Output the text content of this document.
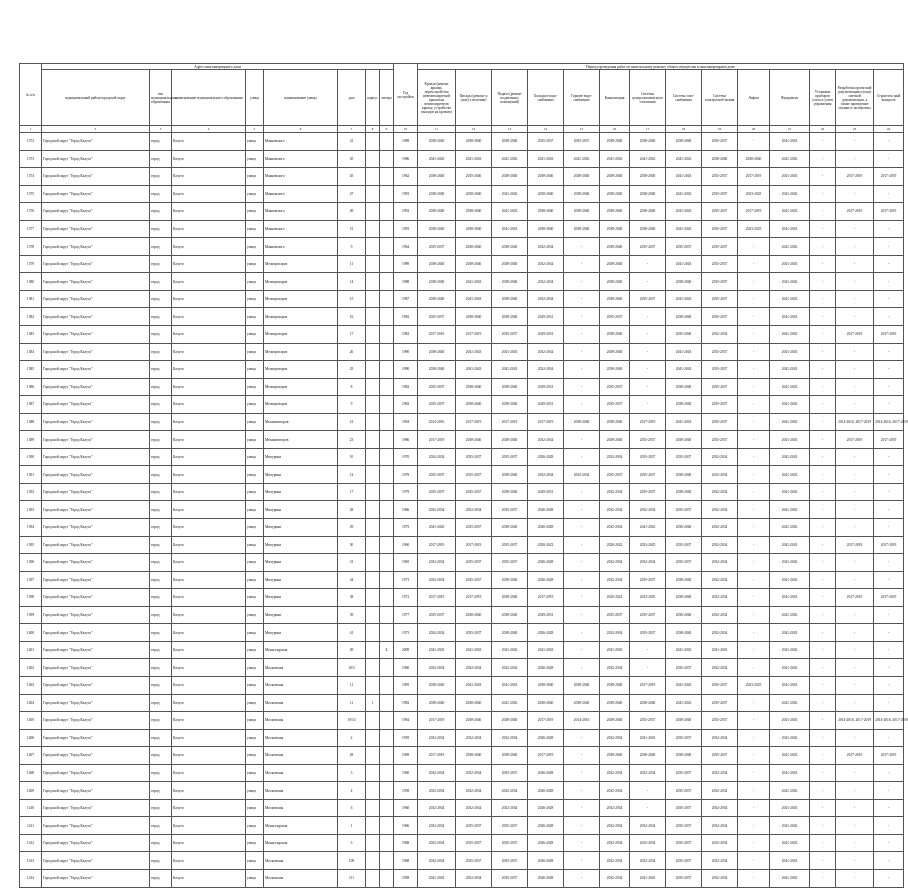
№ п/п	Адрес многоквартирного дома								Год постройки	Период проведения работ по капитальному ремонту общего имущества в многоквартирном доме													
	муниципальный район/городской округ	тип муниципального образования	наименование муниципального образования	улица	наименование улицы	дом	корпус	литера		Кровля (ремонт крыши, переустройство невентилируемой крыши на вентилируемую крышу, устройство выходов на кровлю)	Фасады (ремонт и (или) утепление)	Подвал (ремонт подвальных помещений)	Холодное водо-снабжение	Горячее водо-снабжение	Канализация	Система централизован-ного отопления	Система газо-снабжения	Система электроснаб-жения	Лифты	Фундамент	Установка приборов учета и узлов управления	Разработка проектной документации и (или) сметной документации, а также проведение оценки и экспертизы	Строитель-ный контроль
1	2	3	4	5	6	7	8	9	10	11	12	13	14	15	16	17	18	19	20	21	22	23	24
1372	Городской округ "Город Калуга"	город	Калуга	улица	Маяковского	41			1989	2038-2040	2038-2040	2038-2040	2035-2037	2035-2037	2038-2040	2038-2040	2038-2040	2035-2037	-	2041-2043	-	-	-
1373	Городской округ "Город Калуга"	город	Калуга	улица	Маяковского	45			1986	2041-2043	2041-2043	2041-2043	2041-2043	2041-2043	2041-2043	2041-2043	2041-2043	2038-2040	2038-2040	2041-2043	-	-	-
1374	Городской округ "Город Калуга"	город	Калуга	улица	Маяковского	45			1962	2038-2040	2035-2040	2038-2040	2038-2040	2038-2040	2038-2040	2038-2040	2041-2043	2035-2037	2017-2019	2041-2043	-	2017-2019	2017-2019
1375	Городской округ "Город Калуга"	город	Калуга	улица	Маяковского	47			1993	2038-2040	2038-2040	2041-2043	2038-2040	2038-2040	2038-2040	2038-2040	2041-2043	2035-2037	2023-2025	2041-2043	-	-	-
1376	Городской округ "Город Калуга"	город	Калуга	улица	Маяковского	49			1992	2038-2040	2038-2040	2041-2043	2038-2040	2038-2040	2038-2040	2038-2040	2041-2043	2035-2037	2017-2019	2041-2043	-	2017-2019	2017-2019
1377	Городской округ "Город Калуга"	город	Калуга	улица	Маяковского	51			1993	2038-2040	2038-2040	2041-2043	2038-2040	2038-2040	2038-2040	2038-2040	2041-2043	2035-2037	2023-2025	2041-2043	-	-	-
1378	Городской округ "Город Калуга"	город	Калуга	улица	Маяковского	9			1964	2035-2037	2038-2040	2038-2040	2032-2034	-	2038-2040	2035-2037	2035-2037	2035-2037	-	2041-2043	-	-	-
1379	Городской округ "Город Калуга"	город	Калуга	улица	Мелиораторов	11			1989	2038-2040	2038-2040	2038-2040	2032-2034	-	2038-2040	-	2041-2043	2035-2037	-	2041-2043	-	-	-
1380	Городской округ "Город Калуга"	город	Калуга	улица	Мелиораторов	14			1988	2038-2040	2041-2043	2038-2040	2032-2034	-	2038-2040	-	2038-2040	2035-2037	-	2041-2043	-	-	-
1381	Городской округ "Город Калуга"	город	Калуга	улица	Мелиораторов	15			1987	2038-2040	2041-2043	2038-2040	2032-2034	-	2038-2040	2035-2037	2041-2043	2035-2037	-	2041-2043	-	-	-
1382	Городской округ "Город Калуга"	город	Калуга	улица	Мелиораторов	16			1982	2035-2037	2038-2040	2038-2040	2029-2031	-	2035-2037	-	2038-2040	2035-2037	-	2041-2043	-	-	-
1383	Городской округ "Город Калуга"	город	Калуга	улица	Мелиораторов	17			1982	2017-2019	2017-2019	2035-2037	2029-2031	-	2038-2040	-	2035-2040	2032-2034	-	2041-2043	-	2017-2019	2017-2019
1384	Городской округ "Город Калуга"	город	Калуга	улица	Мелиораторов	20			1990	2038-2040	2041-2043	2041-2043	2032-2034	-	2038-2040	-	2041-2043	2035-2037	-	2041-2043	-	-	-
1385	Городской округ "Город Калуга"	город	Калуга	улица	Мелиораторов	25			1990	2038-2040	2041-2043	2041-2043	2032-2034	-	2038-2040	-	2041-2043	2035-2037	-	2041-2043	-	-	-
1386	Городской округ "Город Калуга"	город	Калуга	улица	Мелиораторов	8			1982	2035-2037	2038-2040	2038-2040	2029-2031	-	2035-2037	-	2038-2040	2035-2037	-	2041-2043	-	-	-
1387	Городской округ "Город Калуга"	город	Калуга	улица	Мелиораторов	9			1982	2035-2037	2038-2040	2038-2040	2029-2031	-	2035-2037	-	2038-2040	2035-2037	-	2041-2043	-	-	-
1388	Городской округ "Город Калуга"	город	Калуга	улица	Механизаторов	21			1994	2014-2016	2017-2019	2017-2019	2017-2019	2038-2040	2038-2040	2017-2019	2041-2043	2035-2037	-	2041-2043	-	2014-2016, 2017-2019	2014-2016, 2017-2019
1389	Городской округ "Город Калуга"	город	Калуга	улица	Механизаторов	23			1986	2017-2019	2038-2040	2038-2040	2032-2034	-	2038-2040	2035-2037	2038-2040	2035-2037	-	2041-2043	-	2017-2019	2017-2019
1390	Городской округ "Город Калуга"	город	Калуга	улица	Мичурина	10			1970	2032-2034	2035-2037	2035-2037	2026-2028	-	2032-2034	2035-2037	2035-2037	2032-2034	-	2041-2043	-	-	-
1391	Городской округ "Город Калуга"	город	Калуга	улица	Мичурина	12			1978	2035-2037	2035-2037	2038-2040	2032-2034	2032-2034	2035-2037	2035-2037	2038-2040	2032-2034	-	2041-2043	-	-	-
1392	Городской округ "Город Калуга"	город	Калуга	улица	Мичурина	17			1979	2035-2037	2035-2037	2038-2040	2029-2031	-	2032-2034	2035-2037	2038-2040	2032-2034	-	2041-2043	-	-	-
1393	Городской округ "Город Калуга"	город	Калуга	улица	Мичурина	28			1966	2032-2034	2032-2034	2035-2037	2026-2028	-	2032-2034	2032-2034	2035-2037	2032-2034	-	2041-2043	-	-	-
1394	Городской округ "Город Калуга"	город	Калуга	улица	Мичурина	29			1975	2041-2043	2035-2037	2038-2040	2026-2028	-	2032-2034	2041-2043	2038-2040	2032-2034	-	2041-2043	-	-	-
1395	Городской округ "Город Калуга"	город	Калуга	улица	Мичурина	30			1960	2017-2019	2017-2019	2035-2037	2020-2022	-	2020-2022	2023-2025	2035-2037	2032-2034	-	2041-2043	-	2017-2019	2017-2019
1396	Городской округ "Город Калуга"	город	Калуга	улица	Мичурина	31			1965	2032-2034	2035-2037	2035-2037	2026-2028	-	2032-2034	2032-2034	2035-2037	2032-2034	-	2041-2043	-	-	-
1397	Городской округ "Город Калуга"	город	Калуга	улица	Мичурина	34			1973	2032-2034	2035-2037	2038-2040	2026-2028	-	2032-2034	2035-2037	2038-2040	2032-2034	-	2041-2043	-	-	-
1398	Городской округ "Город Калуга"	город	Калуга	улица	Мичурина	38			1972	2017-2019	2017-2019	2038-2040	2017-2019	-	2020-2022	2023-2025	2038-2040	2032-2034	-	2041-2043	-	2017-2019	2017-2019
1399	Городской округ "Город Калуга"	город	Калуга	улица	Мичурина	39			1977	2035-2037	2038-2040	2038-2040	2029-2031	-	2035-2037	2035-2037	2038-2040	2032-2034	-	2041-2043	-	-	-
1400	Городской округ "Город Калуга"	город	Калуга	улица	Мичурина	41			1973	2032-2034	2035-2037	2038-2040	2026-2028	-	2032-2034	2035-2037	2038-2040	2032-2034	-	2041-2043	-	-	-
1401	Городской округ "Город Калуга"	город	Калуга	улица	Монастырская	49		Б	2009	2041-2043	2041-2043	2041-2043	2041-2043	-	2041-2043	-	2041-2043	2041-2043	-	2041-2043	-	-	-
1402	Городской округ "Город Калуга"	город	Калуга	улица	Московская	10/5			1960	2032-2034	2032-2034	2032-2034	2026-2028	-	2032-2034	-	2035-2037	2032-2034	-	2041-2043	-	-	-
1403	Городской округ "Город Калуга"	город	Калуга	улица	Московская	11			1995	2038-2040	2041-2043	2041-2043	2038-2040	2038-2040	2038-2040	2017-2019	2041-2043	2035-2037	2023-2025	2041-2043	-	-	-
1404	Городской округ "Город Калуга"	город	Калуга	улица	Московская	11	1		1982	2038-2040	2038-2040	2041-2043	2038-2040	2038-2040	2038-2040	2038-2040	2041-2043	2035-2037	-	2041-2043	-	-	-
1405	Городской округ "Город Калуга"	город	Калуга	улица	Московская	19/14			1984	2017-2019	2038-2040	2038-2040	2017-2019	2014-2016	2038-2040	2035-2037	2038-2040	2035-2037	-	2041-2043	-	2014-2016, 2017-2019	2014-2016, 2017-2019
1406	Городской округ "Город Калуга"	город	Калуга	улица	Московская	2			1959	2032-2034	2032-2034	2032-2034	2026-2028	-	2032-2034	2041-2043	2035-2037	2032-2034	-	2041-2043	-	-	-
1407	Городской округ "Город Калуга"	город	Калуга	улица	Московская	28			1969	2017-2019	2038-2040	2038-2040	2017-2019	-	2038-2040	2038-2040	2038-2040	2035-2037	-	2041-2043	-	2017-2019	2017-2019
1408	Городской округ "Город Калуга"	город	Калуга	улица	Московская	3			1960	2032-2034	2032-2034	2035-2037	2026-2028	-	2032-2034	2032-2034	2035-2037	2032-2034	-	2041-2043	-	-	-
1409	Городской округ "Город Калуга"	город	Калуга	улица	Московская	4			1958	2032-2034	2032-2034	2032-2034	2026-2028	-	2032-2034	-	2035-2037	2032-2034	-	2041-2043	-	-	-
1410	Городской округ "Город Калуга"	город	Калуга	улица	Московская	6			1960	2032-2034	2032-2034	2032-2034	2026-2028	-	2032-2034	-	2035-2037	2032-2034	-	2041-2043	-	-	-
1411	Городской округ "Город Калуга"	город	Калуга	улица	Монастырская	1			1966	2032-2034	2035-2037	2035-2037	2026-2028	-	2032-2034	2032-2034	2035-2037	2032-2034	-	2041-2043	-	-	-
1412	Городской округ "Город Калуга"	город	Калуга	улица	Монастырская	3			1968	2032-2034	2035-2037	2035-2037	2026-2028	-	2032-2034	2032-2034	2035-2037	2032-2034	-	2041-2043	-	-	-
1413	Городской округ "Город Калуга"	город	Калуга	улица	Московская	109			1968	2032-2034	2035-2037	2035-2037	2026-2028	-	2032-2034	2032-2034	2035-2037	2032-2034	-	2041-2043	-	-	-
1414	Городской округ "Город Калуга"	город	Калуга	улица	Московская	111			1958	2041-2043	2032-2034	2035-2037	2026-2028	-	2032-2034	2041-2043	2035-2037	2032-2034	-	2041-2043	-	-	-
